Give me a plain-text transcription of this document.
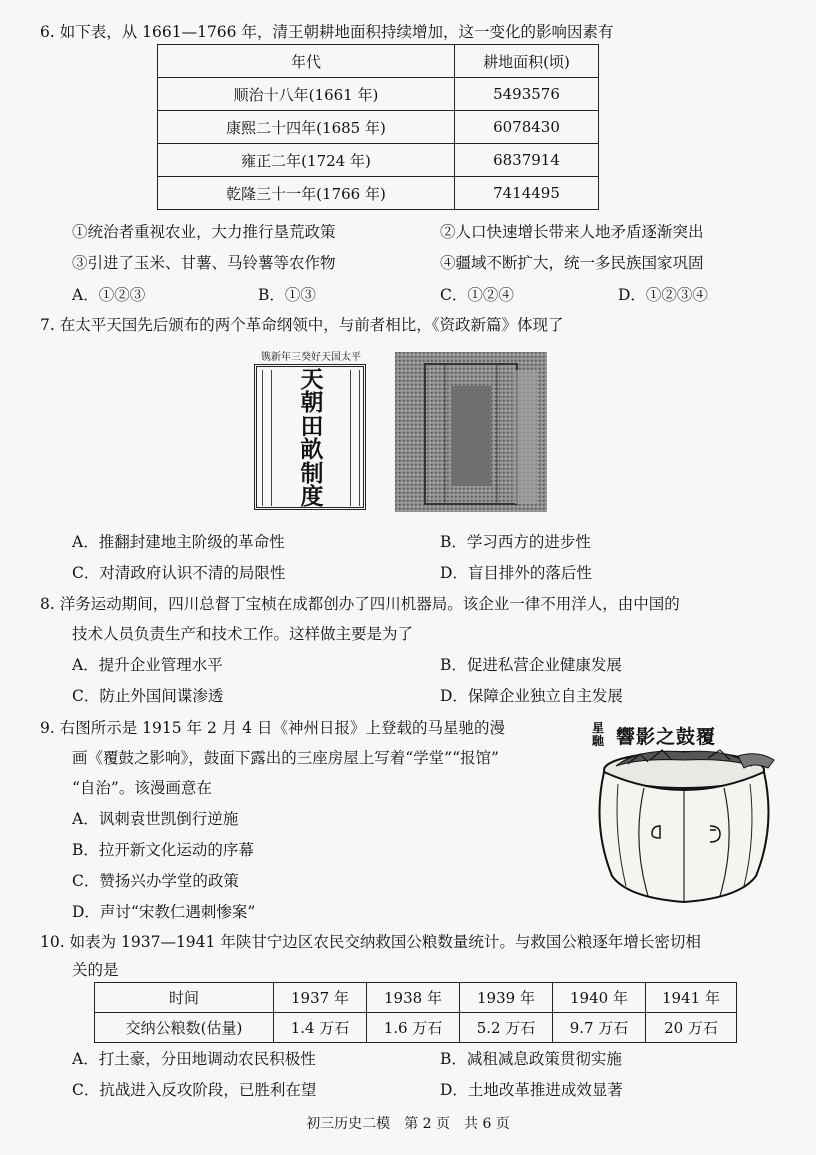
6. 如下表，从 1661—1766 年，清王朝耕地面积持续增加，这一变化的影响因素有
年代	耕地面积(顷)
顺治十八年(1661 年)	5493576
康熙二十四年(1685 年)	6078430
雍正二年(1724 年)	6837914
乾隆三十一年(1766 年)	7414495
①统治者重视农业，大力推行垦荒政策	②人口快速增长带来人地矛盾逐渐突出
③引进了玉米、甘薯、马铃薯等农作物	④疆域不断扩大，统一多民族国家巩固
A．①②③	B．①③	C．①②④	D．①②③④
7. 在太平天国先后颁布的两个革命纲领中，与前者相比，《资政新篇》体现了
镌新年三癸好天国太平
天
朝
田
畝
制
度
A．推翻封建地主阶级的革命性	B．学习西方的进步性
C．对清政府认识不清的局限性	D．盲目排外的落后性
8. 洋务运动期间，四川总督丁宝桢在成都创办了四川机器局。该企业一律不用洋人，由中国的
技术人员负责生产和技术工作。这样做主要是为了
A．提升企业管理水平	B．促进私营企业健康发展
C．防止外国间谍渗透	D．保障企业独立自主发展
9. 右图所示是 1915 年 2 月 4 日《神州日报》上登载的马星驰的漫
画《覆鼓之影响》，鼓面下露出的三座房屋上写着“学堂”“报馆”
“自治”。该漫画意在
A．讽刺袁世凯倒行逆施
B．拉开新文化运动的序幕
C．赞扬兴办学堂的政策
D．声讨“宋教仁遇刺惨案”
星馳 響影之鼓覆
10. 如表为 1937—1941 年陕甘宁边区农民交纳救国公粮数量统计。与救国公粮逐年增长密切相
关的是
时间	1937 年	1938 年	1939 年	1940 年	1941 年
交纳公粮数(估量)	1.4 万石	1.6 万石	5.2 万石	9.7 万石	20 万石
A．打土豪，分田地调动农民积极性	B．减租减息政策贯彻实施
C．抗战进入反攻阶段，已胜利在望	D．土地改革推进成效显著
初三历史二模　第 2 页　共 6 页
